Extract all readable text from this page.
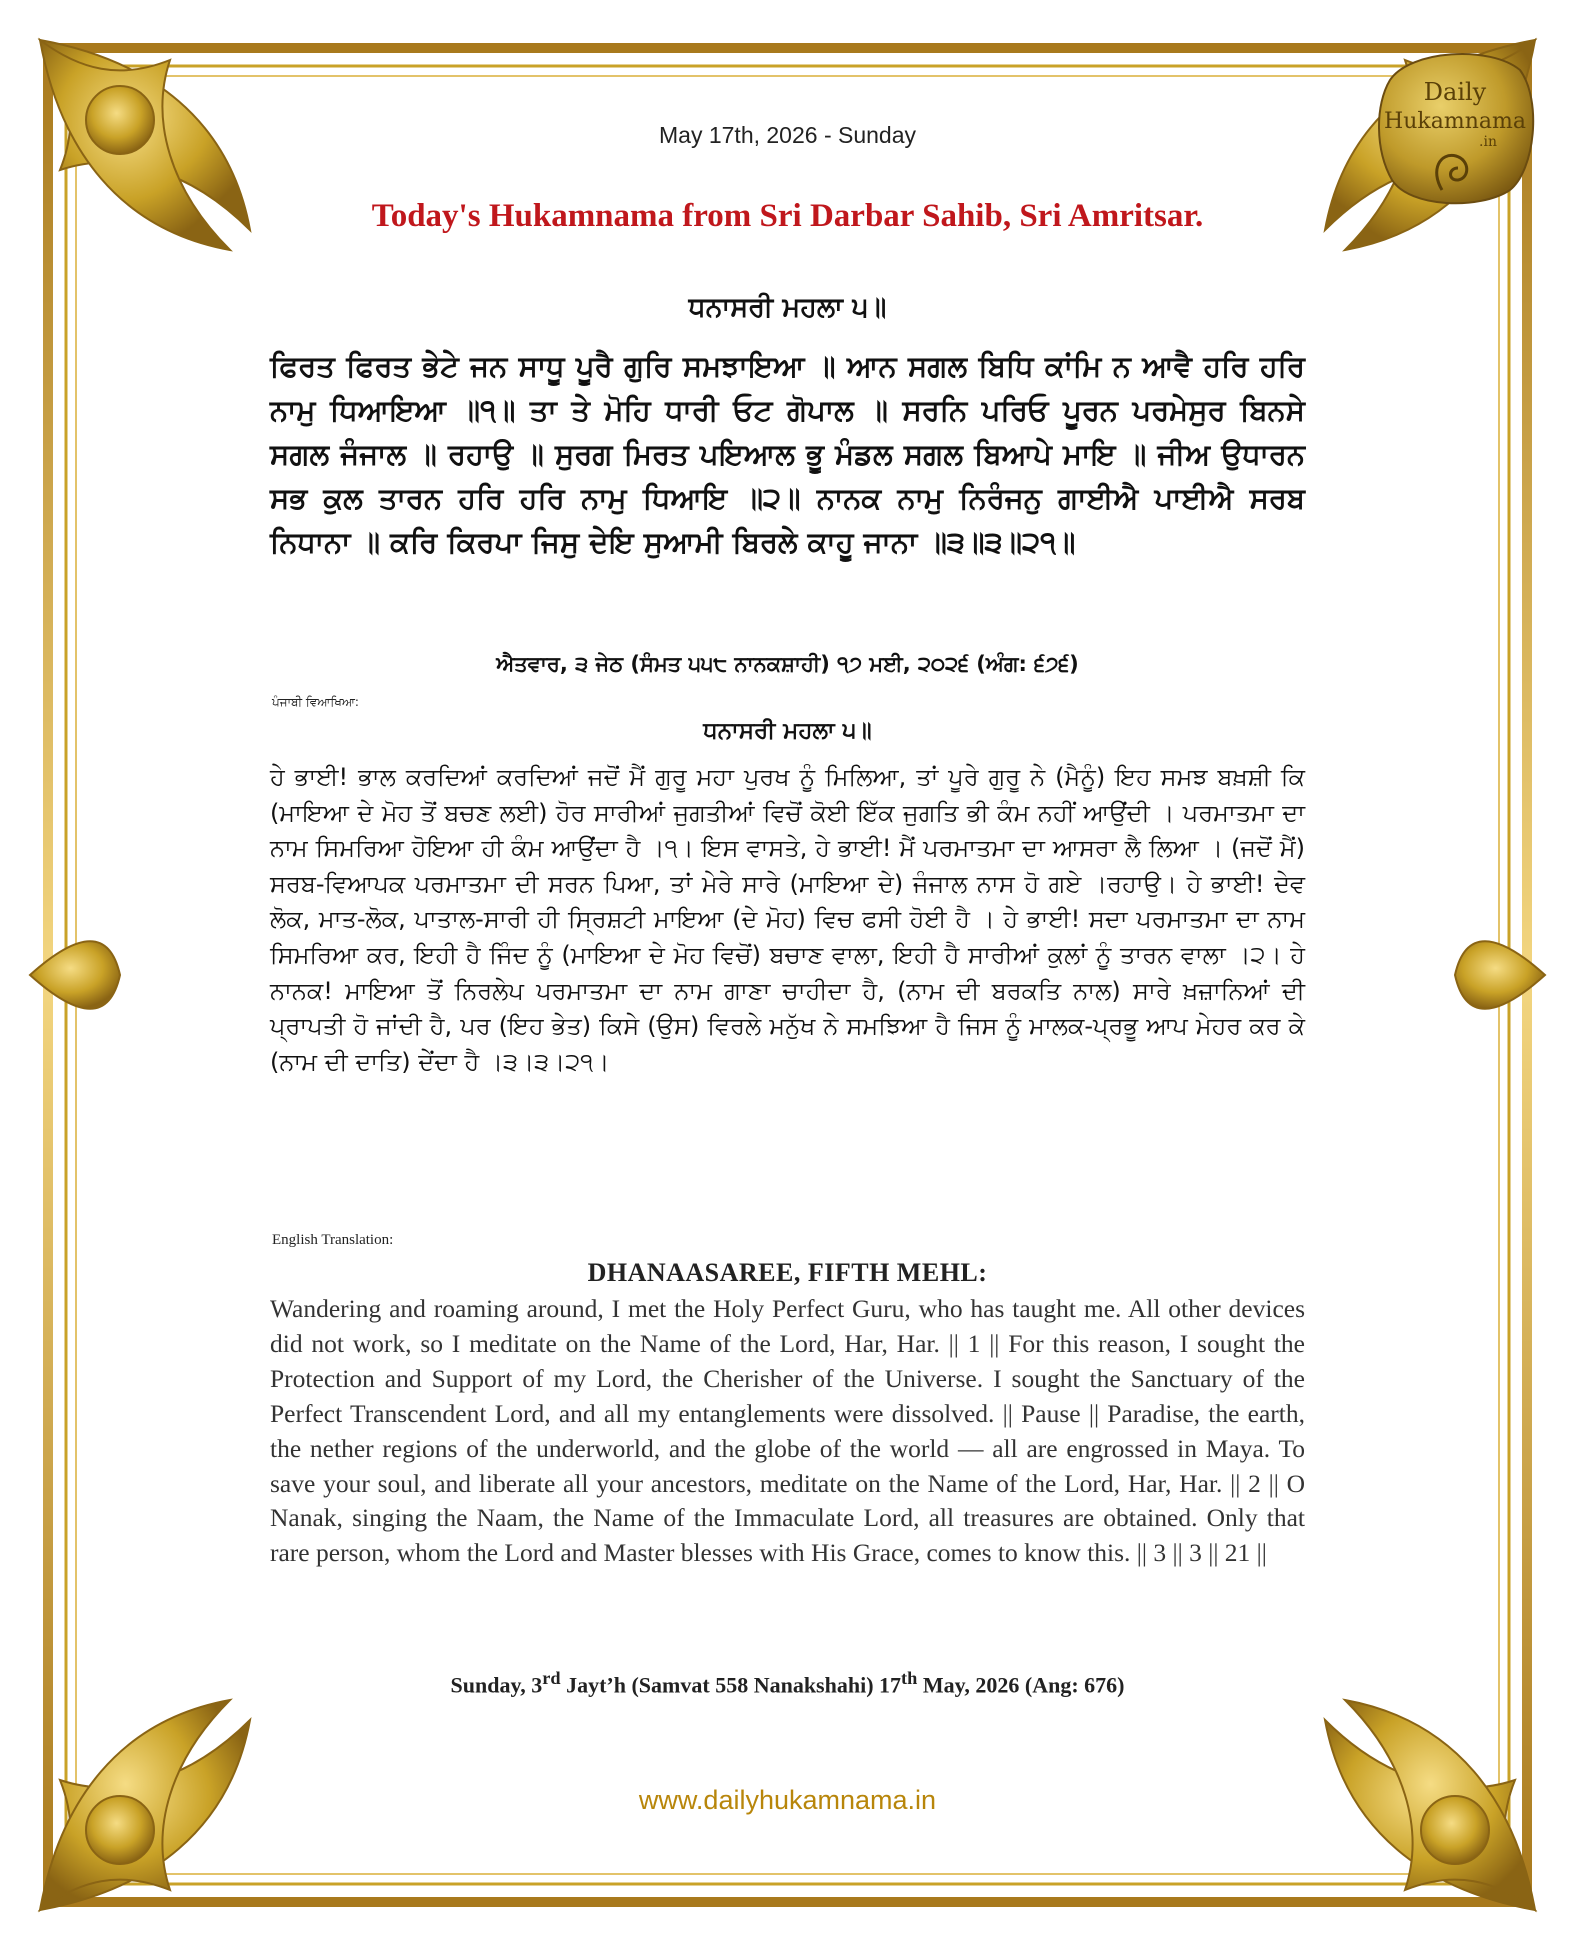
Daily
Hukamnama
.in
May 17th, 2026 - Sunday
Today's Hukamnama from Sri Darbar Sahib, Sri Amritsar.
ਧਨਾਸਰੀ ਮਹਲਾ ੫॥
ਫਿਰਤ ਫਿਰਤ ਭੇਟੇ ਜਨ ਸਾਧੂ ਪੂਰੈ ਗੁਰਿ ਸਮਝਾਇਆ ॥ ਆਨ ਸਗਲ ਬਿਧਿ ਕਾਂਮਿ ਨ ਆਵੈ ਹਰਿ ਹਰਿ ਨਾਮੁ ਧਿਆਇਆ ॥੧॥ ਤਾ ਤੇ ਮੋਹਿ ਧਾਰੀ ਓਟ ਗੋਪਾਲ ॥ ਸਰਨਿ ਪਰਿਓ ਪੂਰਨ ਪਰਮੇਸੁਰ ਬਿਨਸੇ ਸਗਲ ਜੰਜਾਲ ॥ ਰਹਾਉ ॥ ਸੁਰਗ ਮਿਰਤ ਪਇਆਲ ਭੂ ਮੰਡਲ ਸਗਲ ਬਿਆਪੇ ਮਾਇ ॥ ਜੀਅ ਉਧਾਰਨ ਸਭ ਕੁਲ ਤਾਰਨ ਹਰਿ ਹਰਿ ਨਾਮੁ ਧਿਆਇ ॥੨॥ ਨਾਨਕ ਨਾਮੁ ਨਿਰੰਜਨੁ ਗਾਈਐ ਪਾਈਐ ਸਰਬ ਨਿਧਾਨਾ ॥ ਕਰਿ ਕਿਰਪਾ ਜਿਸੁ ਦੇਇ ਸੁਆਮੀ ਬਿਰਲੇ ਕਾਹੂ ਜਾਨਾ ॥੩॥੩॥੨੧॥
ਐਤਵਾਰ, ੩ ਜੇਠ (ਸੰਮਤ ੫੫੮ ਨਾਨਕਸ਼ਾਹੀ) ੧੭ ਮਈ, ੨੦੨੬ (ਅੰਗ: ੬੭੬)
ਪੰਜਾਬੀ ਵਿਆਖਿਆ:
ਧਨਾਸਰੀ ਮਹਲਾ ੫॥
ਹੇ ਭਾਈ! ਭਾਲ ਕਰਦਿਆਂ ਕਰਦਿਆਂ ਜਦੋਂ ਮੈਂ ਗੁਰੂ ਮਹਾ ਪੁਰਖ ਨੂੰ ਮਿਲਿਆ, ਤਾਂ ਪੂਰੇ ਗੁਰੂ ਨੇ (ਮੈਨੂੰ) ਇਹ ਸਮਝ ਬਖ਼ਸ਼ੀ ਕਿ (ਮਾਇਆ ਦੇ ਮੋਹ ਤੋਂ ਬਚਣ ਲਈ) ਹੋਰ ਸਾਰੀਆਂ ਜੁਗਤੀਆਂ ਵਿਚੋਂ ਕੋਈ ਇੱਕ ਜੁਗਤਿ ਭੀ ਕੰਮ ਨਹੀਂ ਆਉਂਦੀ । ਪਰਮਾਤਮਾ ਦਾ ਨਾਮ ਸਿਮਰਿਆ ਹੋਇਆ ਹੀ ਕੰਮ ਆਉਂਦਾ ਹੈ ।੧। ਇਸ ਵਾਸਤੇ, ਹੇ ਭਾਈ! ਮੈਂ ਪਰਮਾਤਮਾ ਦਾ ਆਸਰਾ ਲੈ ਲਿਆ । (ਜਦੋਂ ਮੈਂ) ਸਰਬ-ਵਿਆਪਕ ਪਰਮਾਤਮਾ ਦੀ ਸਰਨ ਪਿਆ, ਤਾਂ ਮੇਰੇ ਸਾਰੇ (ਮਾਇਆ ਦੇ) ਜੰਜਾਲ ਨਾਸ ਹੋ ਗਏ ।ਰਹਾਉ। ਹੇ ਭਾਈ! ਦੇਵ ਲੋਕ, ਮਾਤ-ਲੋਕ, ਪਾਤਾਲ-ਸਾਰੀ ਹੀ ਸ੍ਰਿਸ਼ਟੀ ਮਾਇਆ (ਦੇ ਮੋਹ) ਵਿਚ ਫਸੀ ਹੋਈ ਹੈ । ਹੇ ਭਾਈ! ਸਦਾ ਪਰਮਾਤਮਾ ਦਾ ਨਾਮ ਸਿਮਰਿਆ ਕਰ, ਇਹੀ ਹੈ ਜਿੰਦ ਨੂੰ (ਮਾਇਆ ਦੇ ਮੋਹ ਵਿਚੋਂ) ਬਚਾਣ ਵਾਲਾ, ਇਹੀ ਹੈ ਸਾਰੀਆਂ ਕੁਲਾਂ ਨੂੰ ਤਾਰਨ ਵਾਲਾ ।੨। ਹੇ ਨਾਨਕ! ਮਾਇਆ ਤੋਂ ਨਿਰਲੇਪ ਪਰਮਾਤਮਾ ਦਾ ਨਾਮ ਗਾਣਾ ਚਾਹੀਦਾ ਹੈ, (ਨਾਮ ਦੀ ਬਰਕਤਿ ਨਾਲ) ਸਾਰੇ ਖ਼ਜ਼ਾਨਿਆਂ ਦੀ ਪ੍ਰਾਪਤੀ ਹੋ ਜਾਂਦੀ ਹੈ, ਪਰ (ਇਹ ਭੇਤ) ਕਿਸੇ (ਉਸ) ਵਿਰਲੇ ਮਨੁੱਖ ਨੇ ਸਮਝਿਆ ਹੈ ਜਿਸ ਨੂੰ ਮਾਲਕ-ਪ੍ਰਭੂ ਆਪ ਮੇਹਰ ਕਰ ਕੇ (ਨਾਮ ਦੀ ਦਾਤਿ) ਦੇਂਦਾ ਹੈ ।੩।੩।੨੧।
English Translation:
DHANAASAREE, FIFTH MEHL:
Wandering and roaming around, I met the Holy Perfect Guru, who has taught me. All other devices did not work, so I meditate on the Name of the Lord, Har, Har. || 1 || For this reason, I sought the Protection and Support of my Lord, the Cherisher of the Universe. I sought the Sanctuary of the Perfect Transcendent Lord, and all my entanglements were dissolved. || Pause || Paradise, the earth, the nether regions of the underworld, and the globe of the world — all are engrossed in Maya. To save your soul, and liberate all your ancestors, meditate on the Name of the Lord, Har, Har. || 2 || O Nanak, singing the Naam, the Name of the Immaculate Lord, all treasures are obtained. Only that rare person, whom the Lord and Master blesses with His Grace, comes to know this. || 3 || 3 || 21 ||
Sunday, 3rd Jayt’h (Samvat 558 Nanakshahi) 17th May, 2026 (Ang: 676)
www.dailyhukamnama.in
